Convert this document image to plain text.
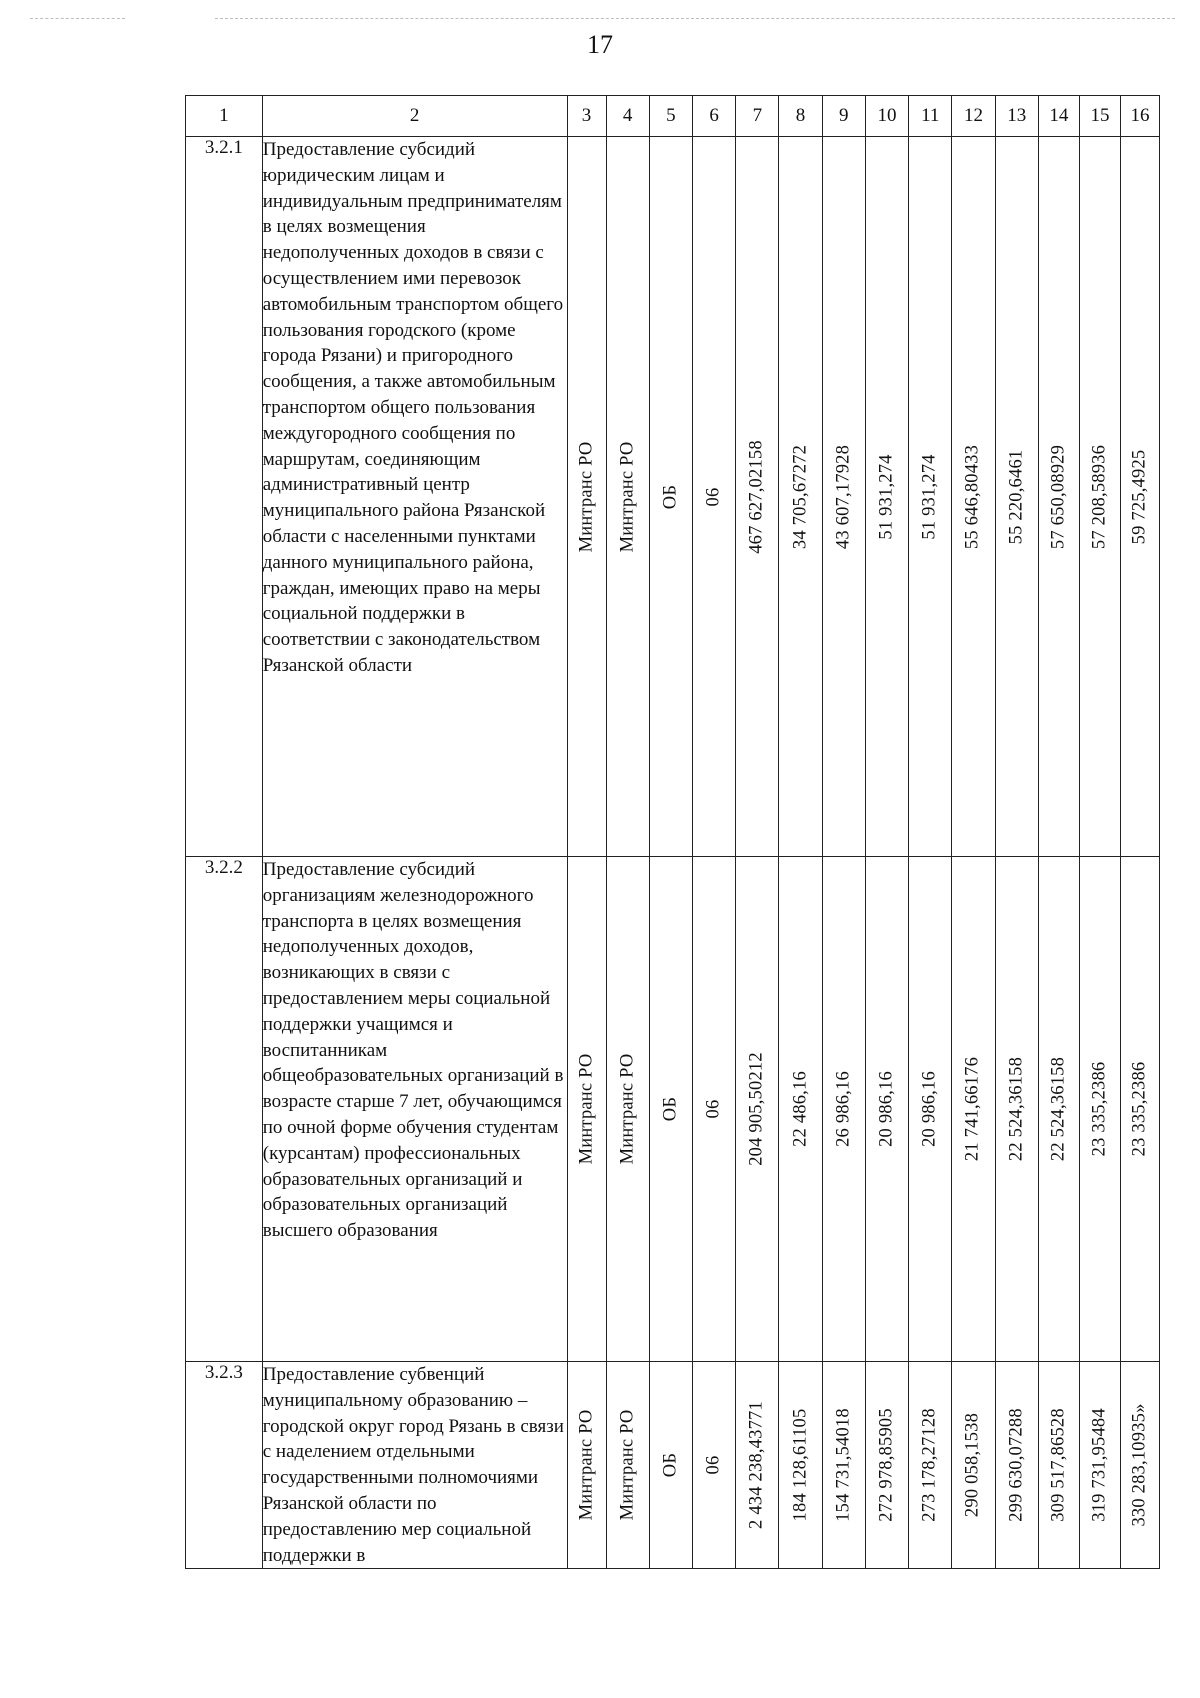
17
1	2	3	4	5	6	7	8	9	10	11	12	13	14	15	16
3.2.1	Предоставление субсидий юридическим лицам и индивидуальным предпринимателям в целях возмещения недополученных доходов в связи с осуществлением ими перевозок автомобильным транспортом общего пользования городского (кроме города Рязани) и пригородного сообщения, а также автомобильным транспортом общего пользования междугородного сообщения по маршрутам, соединяющим административный центр муниципального района Рязанской области с населенными пунктами данного муниципального района, граждан, имеющих право на меры социальной поддержки в соответствии с законодательством Рязанской области	Минтранс РО	Минтранс РО	ОБ	06	467 627,02158	34 705,67272	43 607,17928	51 931,274	51 931,274	55 646,80433	55 220,6461	57 650,08929	57 208,58936	59 725,4925

3.2.2	Предоставление субсидий организациям железнодорожного транспорта в целях возмещения недополученных доходов, возникающих в связи с предоставлением меры социальной поддержки учащимся и воспитанникам общеобразовательных организаций в возрасте старше 7 лет, обучающимся по очной форме обучения студентам (курсантам) профессиональных образовательных организаций и образовательных организаций высшего образования	Минтранс РО	Минтранс РО	ОБ	06	204 905,50212	22 486,16	26 986,16	20 986,16	20 986,16	21 741,66176	22 524,36158	22 524,36158	23 335,2386	23 335,2386

3.2.3	Предоставление субвенций муниципальному образованию – городской округ город Рязань в связи с наделением отдельными государственными полномочиями Рязанской области по предоставлению мер социальной поддержки в	Минтранс РО	Минтранс РО	ОБ	06	2 434 238,43771	184 128,61105	154 731,54018	272 978,85905	273 178,27128	290 058,1538	299 630,07288	309 517,86528	319 731,95484	330 283,10935»
